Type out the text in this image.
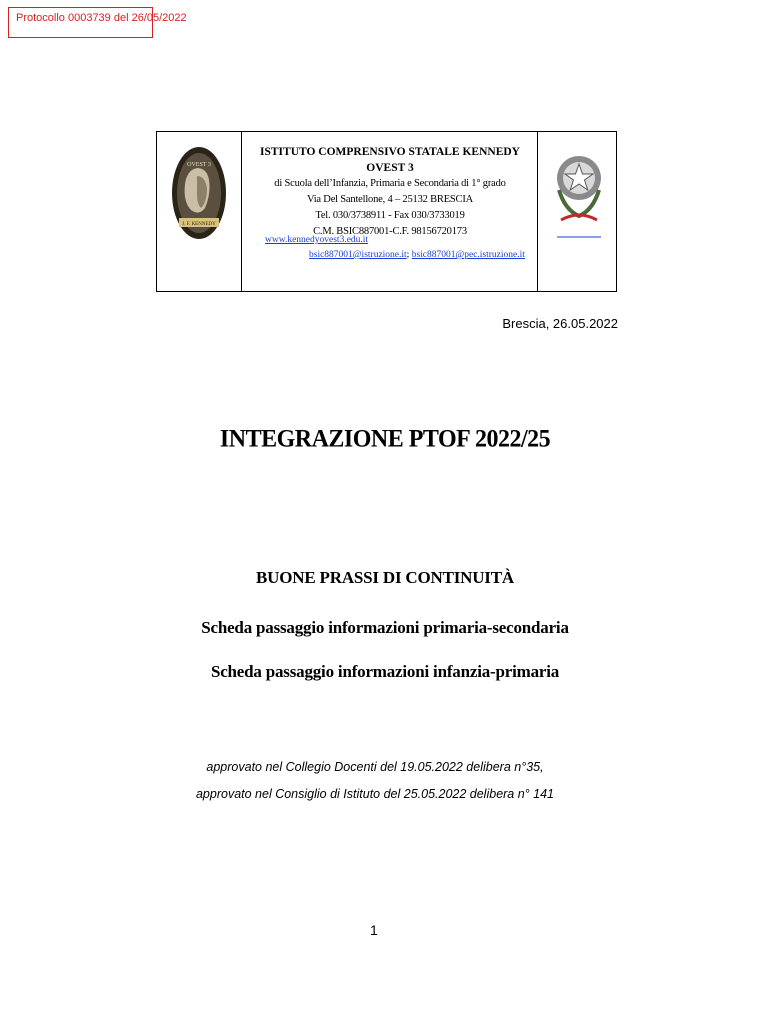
Protocollo 0003739 del 26/05/2022
OVEST 3
J. F. KENNEDY
ISTITUTO COMPRENSIVO STATALE KENNEDY OVEST 3
di Scuola dell’Infanzia, Primaria e Secondaria di 1° grado
Via Del Santellone, 4 – 25132 BRESCIA
Tel. 030/3738911 - Fax 030/3733019
C.M. BSIC887001-C.F. 98156720173
www.kennedyovest3.edu.it
bsic887001@istruzione.it; bsic887001@pec.istruzione.it
Brescia, 26.05.2022
INTEGRAZIONE PTOF 2022/25
BUONE PRASSI DI CONTINUITÀ
Scheda passaggio informazioni primaria-secondaria
Scheda passaggio informazioni infanzia-primaria
approvato nel Collegio Docenti del 19.05.2022 delibera n°35,
approvato nel Consiglio di Istituto del 25.05.2022 delibera n° 141
1
